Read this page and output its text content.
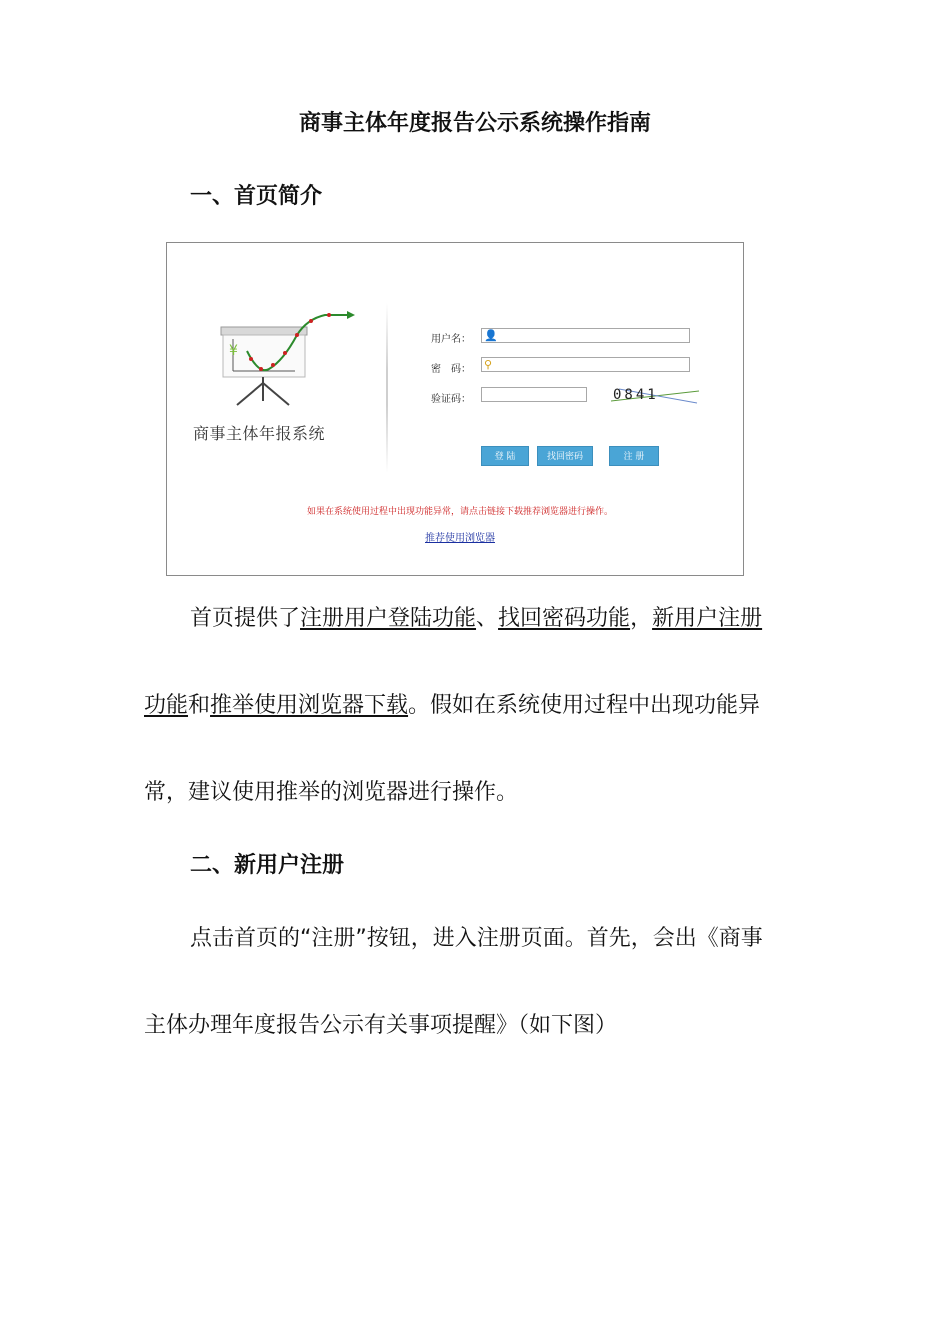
商事主体年度报告公示系统操作指南
一、首页简介
¥
商事主体年报系统
用户名： 👤
密　码： ⚲
验证码：	0841
登 陆	找回密码	注 册
如果在系统使用过程中出现功能异常，请点击链接下载推荐浏览器进行操作。
推荐使用浏览器
首页提供了注册用户登陆功能、找回密码功能，新用户注册
功能和推举使用浏览器下载。假如在系统使用过程中出现功能异
常，建议使用推举的浏览器进行操作。
二、新用户注册
点击首页的“注册”按钮，进入注册页面。首先，会出《商事
主体办理年度报告公示有关事项提醒》（如下图）
